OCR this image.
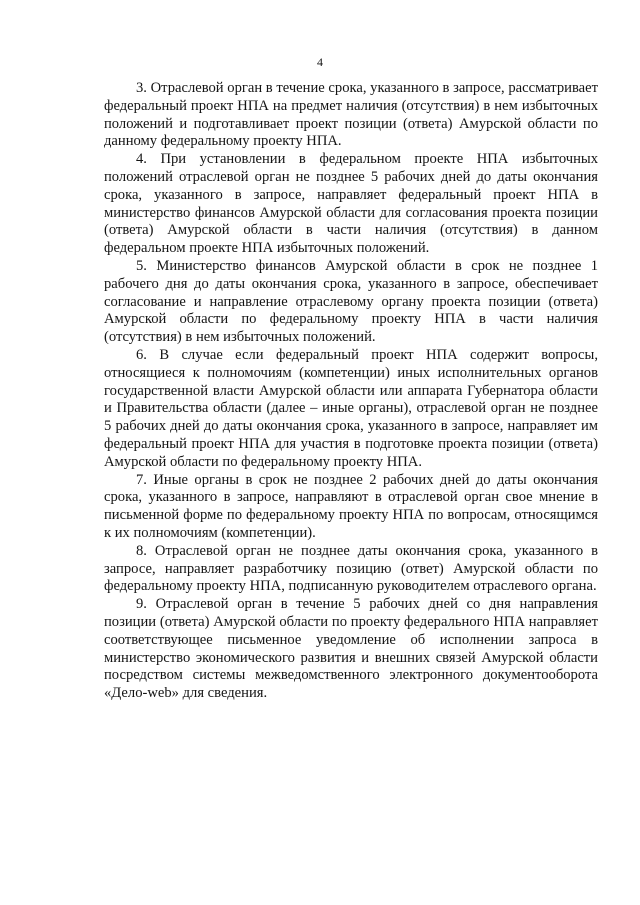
4

3. Отраслевой орган в течение срока, указанного в запросе, рассматривает федеральный проект НПА на предмет наличия (отсутствия) в нем избыточных положений и подготавливает проект позиции (ответа) Амурской области по данному федеральному проекту НПА.

4. При установлении в федеральном проекте НПА избыточных положений отраслевой орган не позднее 5 рабочих дней до даты окончания срока, указанного в запросе, направляет федеральный проект НПА в министерство финансов Амурской области для согласования проекта позиции (ответа) Амурской области в части наличия (отсутствия) в данном федеральном проекте НПА избыточных положений.

5. Министерство финансов Амурской области в срок не позднее 1 рабочего дня до даты окончания срока, указанного в запросе, обеспечивает согласование и направление отраслевому органу проекта позиции (ответа) Амурской области по федеральному проекту НПА в части наличия (отсутствия) в нем избыточных положений.

6. В случае если федеральный проект НПА содержит вопросы, относящиеся к полномочиям (компетенции) иных исполнительных органов государственной власти Амурской области или аппарата Губернатора области и Правительства области (далее – иные органы), отраслевой орган не позднее 5 рабочих дней до даты окончания срока, указанного в запросе, направляет им федеральный проект НПА для участия в подготовке проекта позиции (ответа) Амурской области по федеральному проекту НПА.

7. Иные органы в срок не позднее 2 рабочих дней до даты окончания срока, указанного в запросе, направляют в отраслевой орган свое мнение в письменной форме по федеральному проекту НПА по вопросам, относящимся к их полномочиям (компетенции).

8. Отраслевой орган не позднее даты окончания срока, указанного в запросе, направляет разработчику позицию (ответ) Амурской области по федеральному проекту НПА, подписанную руководителем отраслевого органа.

9. Отраслевой орган в течение 5 рабочих дней со дня направления позиции (ответа) Амурской области по проекту федерального НПА направляет соответствующее письменное уведомление об исполнении запроса в министерство экономического развития и внешних связей Амурской области посредством системы межведомственного электронного документооборота «Дело-web» для сведения.
